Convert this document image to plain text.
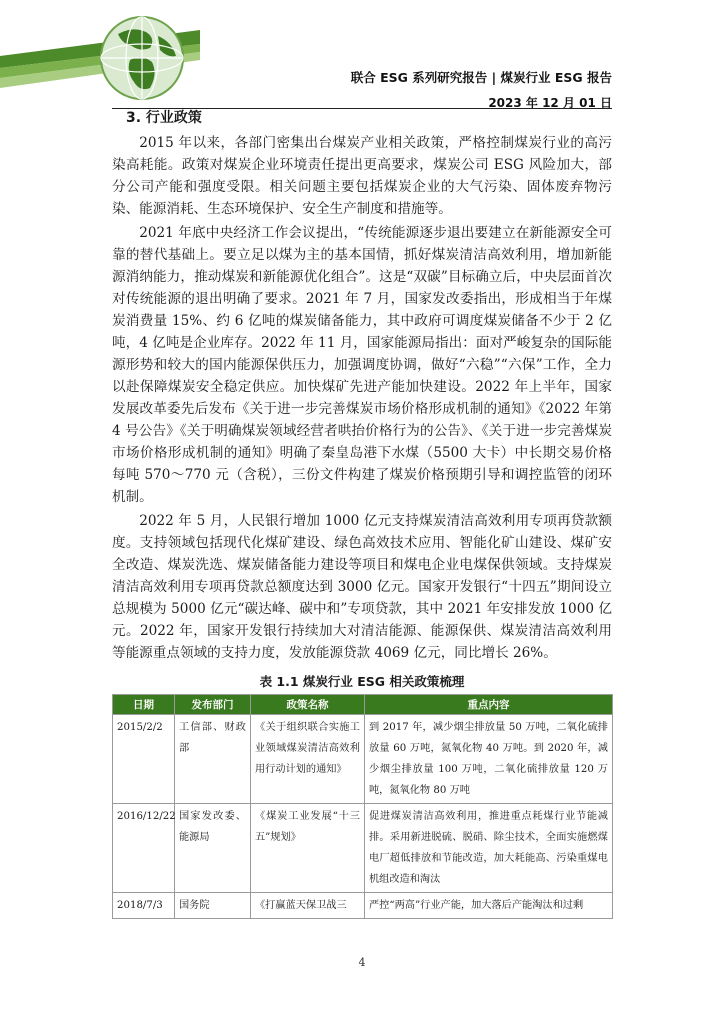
联合 ESG 系列研究报告 | 煤炭行业 ESG 报告
2023 年 12 月 01 日
3. 行业政策

2015 年以来，各部门密集出台煤炭产业相关政策，严格控制煤炭行业的高污染高耗能。政策对煤炭企业环境责任提出更高要求，煤炭公司 ESG 风险加大，部分公司产能和强度受限。相关问题主要包括煤炭企业的大气污染、固体废弃物污染、能源消耗、生态环境保护、安全生产制度和措施等。

2021 年底中央经济工作会议提出，“传统能源逐步退出要建立在新能源安全可靠的替代基础上。要立足以煤为主的基本国情，抓好煤炭清洁高效利用，增加新能源消纳能力，推动煤炭和新能源优化组合”。这是“双碳”目标确立后，中央层面首次对传统能源的退出明确了要求。2021 年 7 月，国家发改委指出，形成相当于年煤炭消费量 15%、约 6 亿吨的煤炭储备能力，其中政府可调度煤炭储备不少于 2 亿吨，4 亿吨是企业库存。2022 年 11 月，国家能源局指出：面对严峻复杂的国际能源形势和较大的国内能源保供压力，加强调度协调，做好“六稳”“六保”工作，全力以赴保障煤炭安全稳定供应。加快煤矿先进产能加快建设。2022 年上半年，国家发展改革委先后发布《关于进一步完善煤炭市场价格形成机制的通知》《2022 年第 4 号公告》《关于明确煤炭领域经营者哄抬价格行为的公告》、《关于进一步完善煤炭市场价格形成机制的通知》明确了秦皇岛港下水煤（5500 大卡）中长期交易价格每吨 570～770 元（含税），三份文件构建了煤炭价格预期引导和调控监管的闭环机制。

2022 年 5 月，人民银行增加 1000 亿元支持煤炭清洁高效利用专项再贷款额度。支持领域包括现代化煤矿建设、绿色高效技术应用、智能化矿山建设、煤矿安全改造、煤炭洗选、煤炭储备能力建设等项目和煤电企业电煤保供领域。支持煤炭清洁高效利用专项再贷款总额度达到 3000 亿元。国家开发银行“十四五”期间设立总规模为 5000 亿元“碳达峰、碳中和”专项贷款，其中 2021 年安排发放 1000 亿元。2022 年，国家开发银行持续加大对清洁能源、能源保供、煤炭清洁高效利用等能源重点领域的支持力度，发放能源贷款 4069 亿元，同比增长 26%。

表 1.1 煤炭行业 ESG 相关政策梳理
日期	发布部门	政策名称	重点内容
2015/2/2	工信部、财政部	《关于组织联合实施工业领域煤炭清洁高效利用行动计划的通知》	到 2017 年，减少烟尘排放量 50 万吨，二氧化硫排放量 60 万吨，氮氧化物 40 万吨。到 2020 年，减少烟尘排放量 100 万吨，二氧化硫排放量 120 万吨，氮氧化物 80 万吨
2016/12/22	国家发改委、能源局	《煤炭工业发展“十三五”规划》	促进煤炭清洁高效利用，推进重点耗煤行业节能减排。采用新进脱硫、脱硝、除尘技术，全面实施燃煤电厂超低排放和节能改造，加大耗能高、污染重煤电机组改造和淘汰
2018/7/3	国务院	《打赢蓝天保卫战三	严控“两高”行业产能，加大落后产能淘汰和过剩
4
